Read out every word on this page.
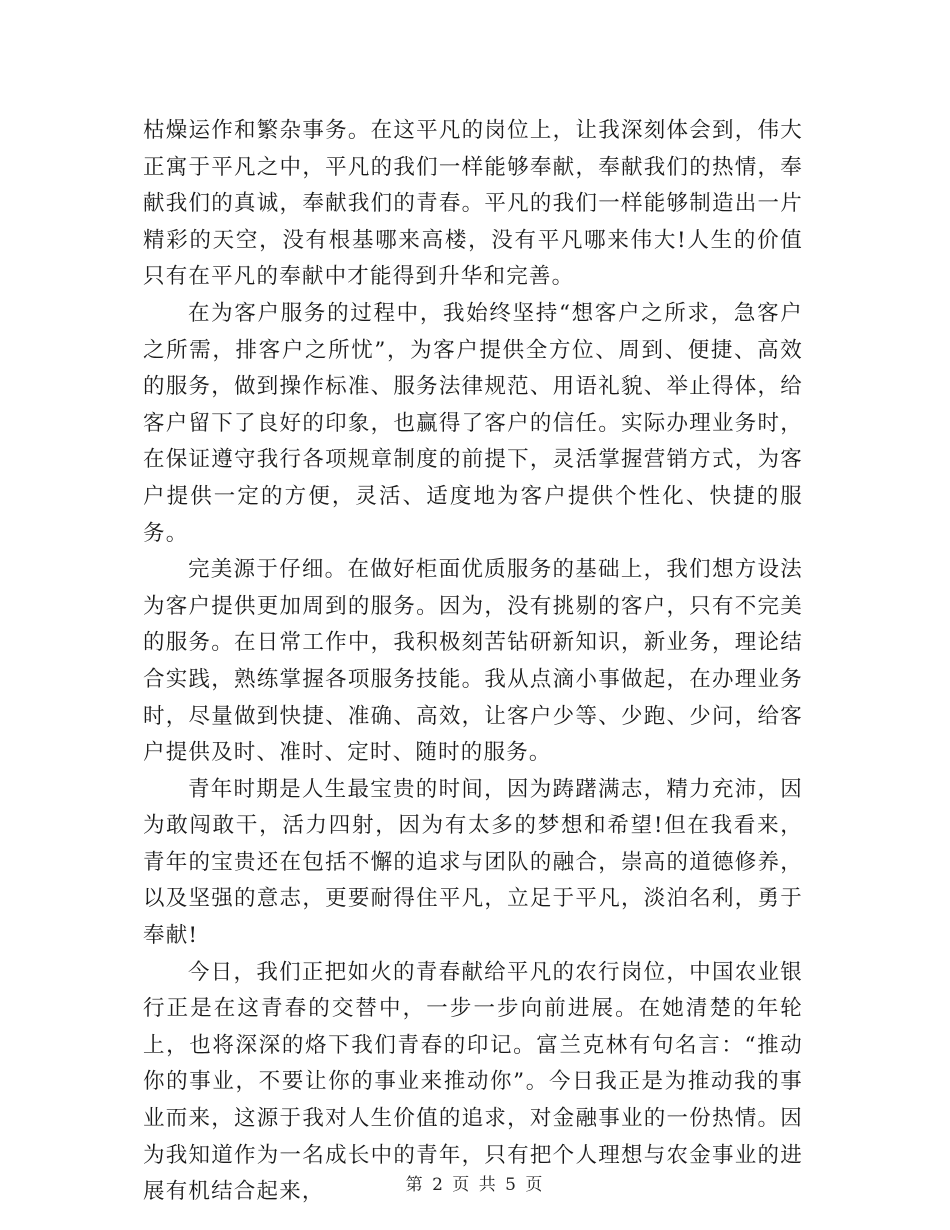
枯燥运作和繁杂事务。在这平凡的岗位上，让我深刻体会到，伟大正寓于平凡之中，平凡的我们一样能够奉献，奉献我们的热情，奉献我们的真诚，奉献我们的青春。平凡的我们一样能够制造出一片精彩的天空，没有根基哪来高楼，没有平凡哪来伟大!人生的价值只有在平凡的奉献中才能得到升华和完善。

在为客户服务的过程中，我始终坚持“想客户之所求，急客户之所需，排客户之所忧”，为客户提供全方位、周到、便捷、高效的服务，做到操作标准、服务法律规范、用语礼貌、举止得体，给客户留下了良好的印象，也赢得了客户的信任。实际办理业务时，在保证遵守我行各项规章制度的前提下，灵活掌握营销方式，为客户提供一定的方便，灵活、适度地为客户提供个性化、快捷的服务。

完美源于仔细。在做好柜面优质服务的基础上，我们想方设法为客户提供更加周到的服务。因为，没有挑剔的客户，只有不完美的服务。在日常工作中，我积极刻苦钻研新知识，新业务，理论结合实践，熟练掌握各项服务技能。我从点滴小事做起，在办理业务时，尽量做到快捷、准确、高效，让客户少等、少跑、少问，给客户提供及时、准时、定时、随时的服务。

青年时期是人生最宝贵的时间，因为踌躇满志，精力充沛，因为敢闯敢干，活力四射，因为有太多的梦想和希望!但在我看来，青年的宝贵还在包括不懈的追求与团队的融合，崇高的道德修养，以及坚强的意志，更要耐得住平凡，立足于平凡，淡泊名利，勇于奉献!

今日，我们正把如火的青春献给平凡的农行岗位，中国农业银行正是在这青春的交替中，一步一步向前进展。在她清楚的年轮上，也将深深的烙下我们青春的印记。富兰克林有句名言：“推动你的事业，不要让你的事业来推动你”。今日我正是为推动我的事业而来，这源于我对人生价值的追求，对金融事业的一份热情。因为我知道作为一名成长中的青年，只有把个人理想与农金事业的进展有机结合起来，	第 2 页 共 5 页
